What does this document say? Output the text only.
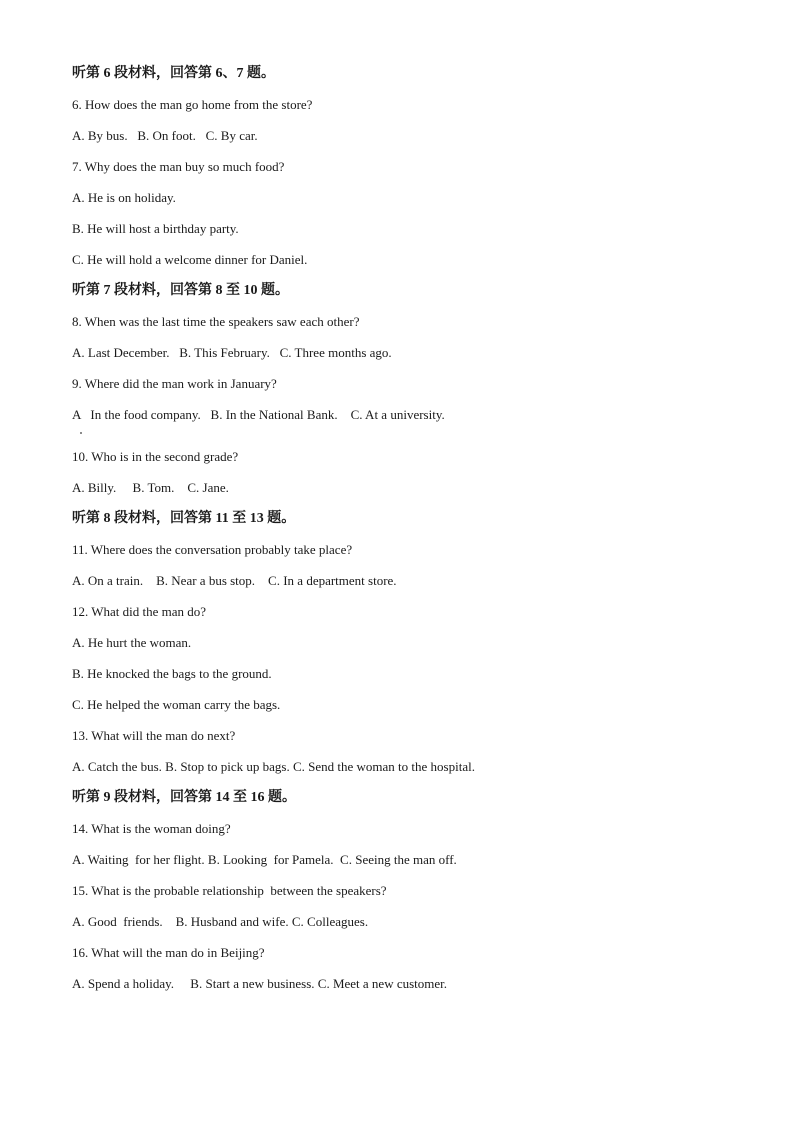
听第 6 段材料，回答第 6、7 题。
6. How does the man go home from the store?
A. By bus.   B. On foot.   C. By car.
7. Why does the man buy so much food?
A. He is on holiday.
B. He will host a birthday party.
C. He will hold a welcome dinner for Daniel.
听第 7 段材料，回答第 8 至 10 题。
8. When was the last time the speakers saw each other?
A. Last December.   B. This February.   C. Three months ago.
9. Where did the man work in January?
A   In the food company.   B. In the National Bank.    C. At a university.
10. Who is in the second grade?
A. Billy.     B. Tom.    C. Jane.
听第 8 段材料，回答第 11 至 13 题。
11. Where does the conversation probably take place?
A. On a train.    B. Near a bus stop.    C. In a department store.
12. What did the man do?
A. He hurt the woman.
B. He knocked the bags to the ground.
C. He helped the woman carry the bags.
13. What will the man do next?
A. Catch the bus. B. Stop to pick up bags. C. Send the woman to the hospital.
听第 9 段材料，回答第 14 至 16 题。
14. What is the woman doing?
A. Waiting  for her flight. B. Looking  for Pamela.  C. Seeing the man off.
15. What is the probable relationship  between the speakers?
A. Good  friends.    B. Husband and wife. C. Colleagues.
16. What will the man do in Beijing?
A. Spend a holiday.     B. Start a new business. C. Meet a new customer.
